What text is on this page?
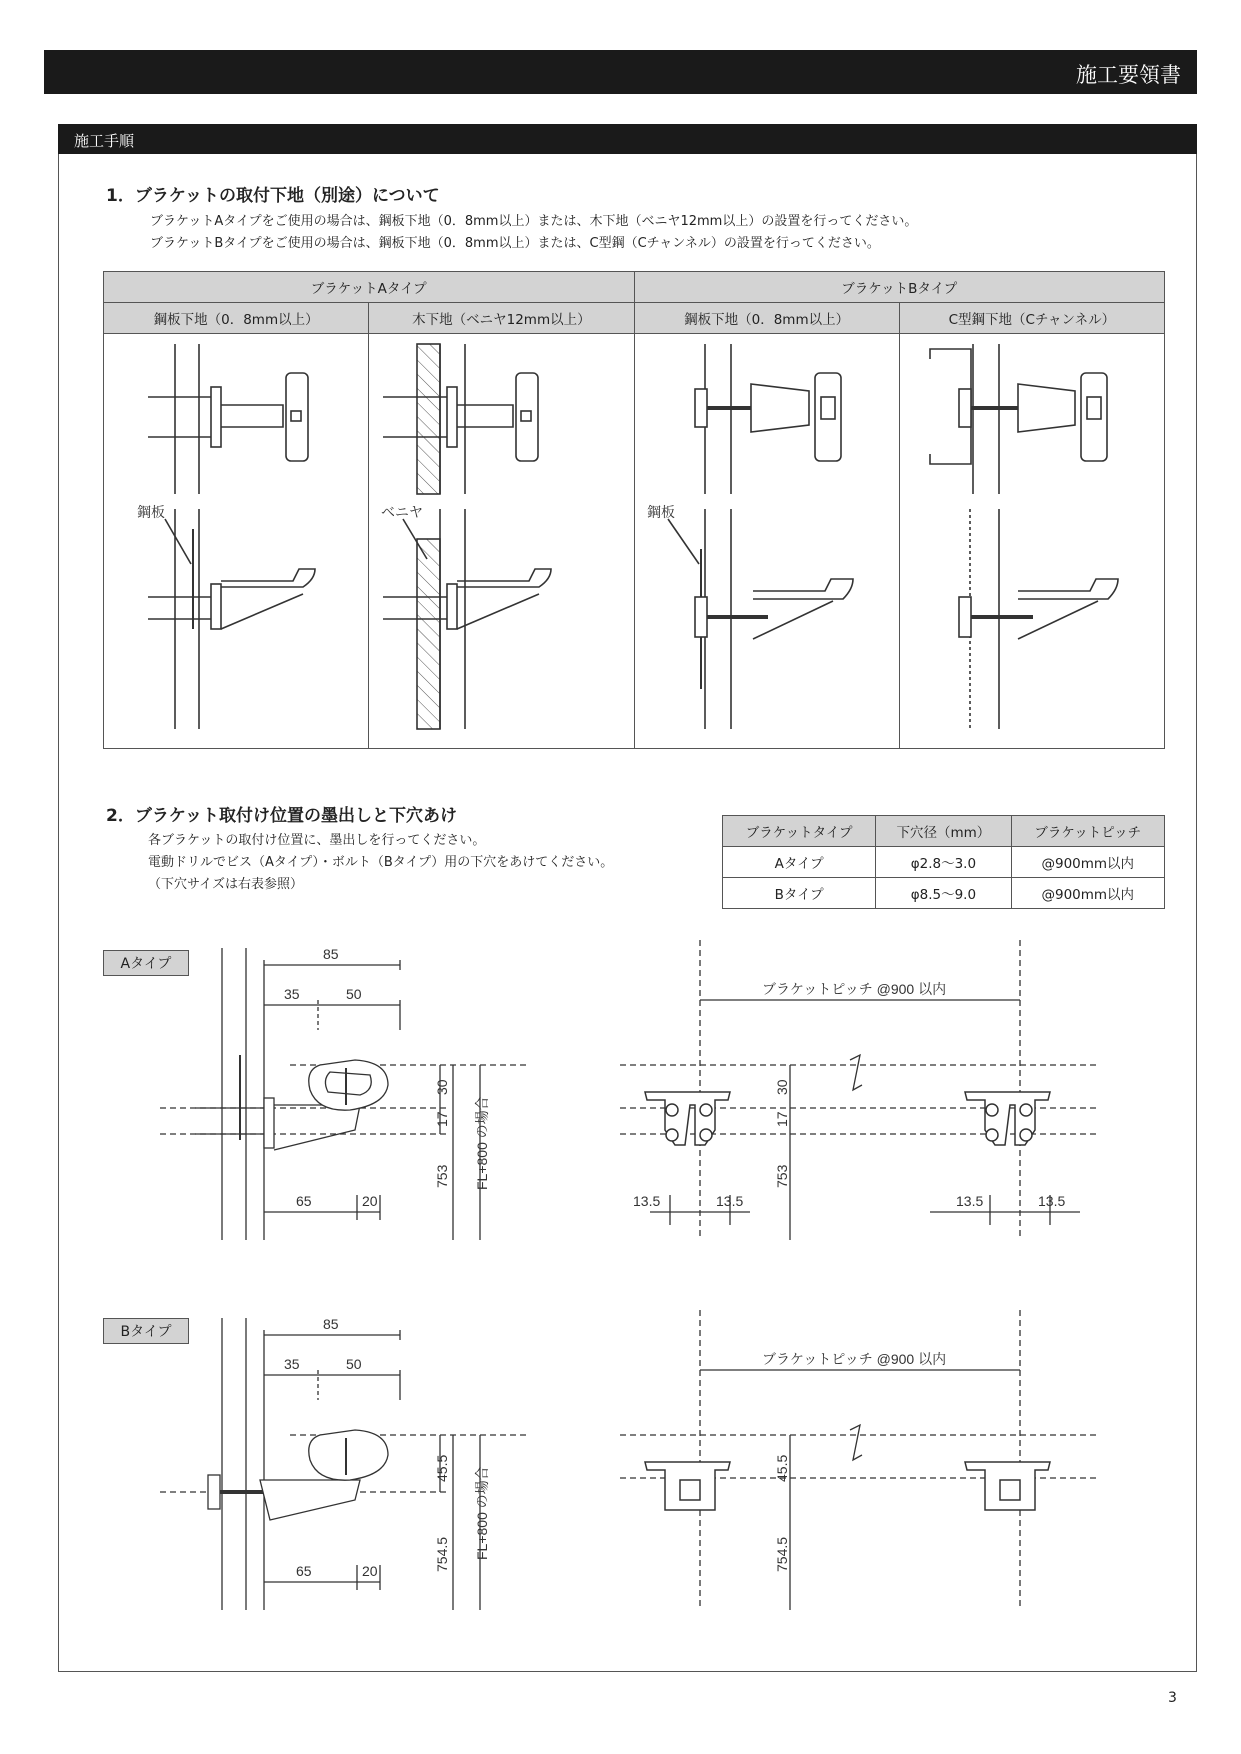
施工要領書
施工手順
1．ブラケットの取付下地（別途）について
ブラケットAタイプをご使用の場合は、鋼板下地（0．8mm以上）または、木下地（ベニヤ12mm以上）の設置を行ってください。
ブラケットBタイプをご使用の場合は、鋼板下地（0．8mm以上）または、C型鋼（Cチャンネル）の設置を行ってください。
ブラケットAタイプ		ブラケットBタイプ	
鋼板下地（0．8mm以上）	木下地（ベニヤ12mm以上）	鋼板下地（0．8mm以上）	C型鋼下地（Cチャンネル）

鋼板	ベニヤ	鋼板
2．ブラケット取付け位置の墨出しと下穴あけ
各ブラケットの取付け位置に、墨出しを行ってください。
電動ドリルでビス（Aタイプ）・ボルト（Bタイプ）用の下穴をあけてください。
（下穴サイズは右表参照）
ブラケットタイプ	下穴径（mm）	ブラケットピッチ
Aタイプ	φ2.8～3.0	@900mm以内
Bタイプ	φ8.5～9.0	@900mm以内
Aタイプ
Bタイプ
85
35	50
65	20
30
17
753 FL+800 の場合
ブラケットピッチ @900 以内
30
17
753
13.5	13.5	13.5	13.5
85
35	50
65	20
45.5
754.5 FL+800 の場合
ブラケットピッチ @900 以内
45.5
754.5
3
